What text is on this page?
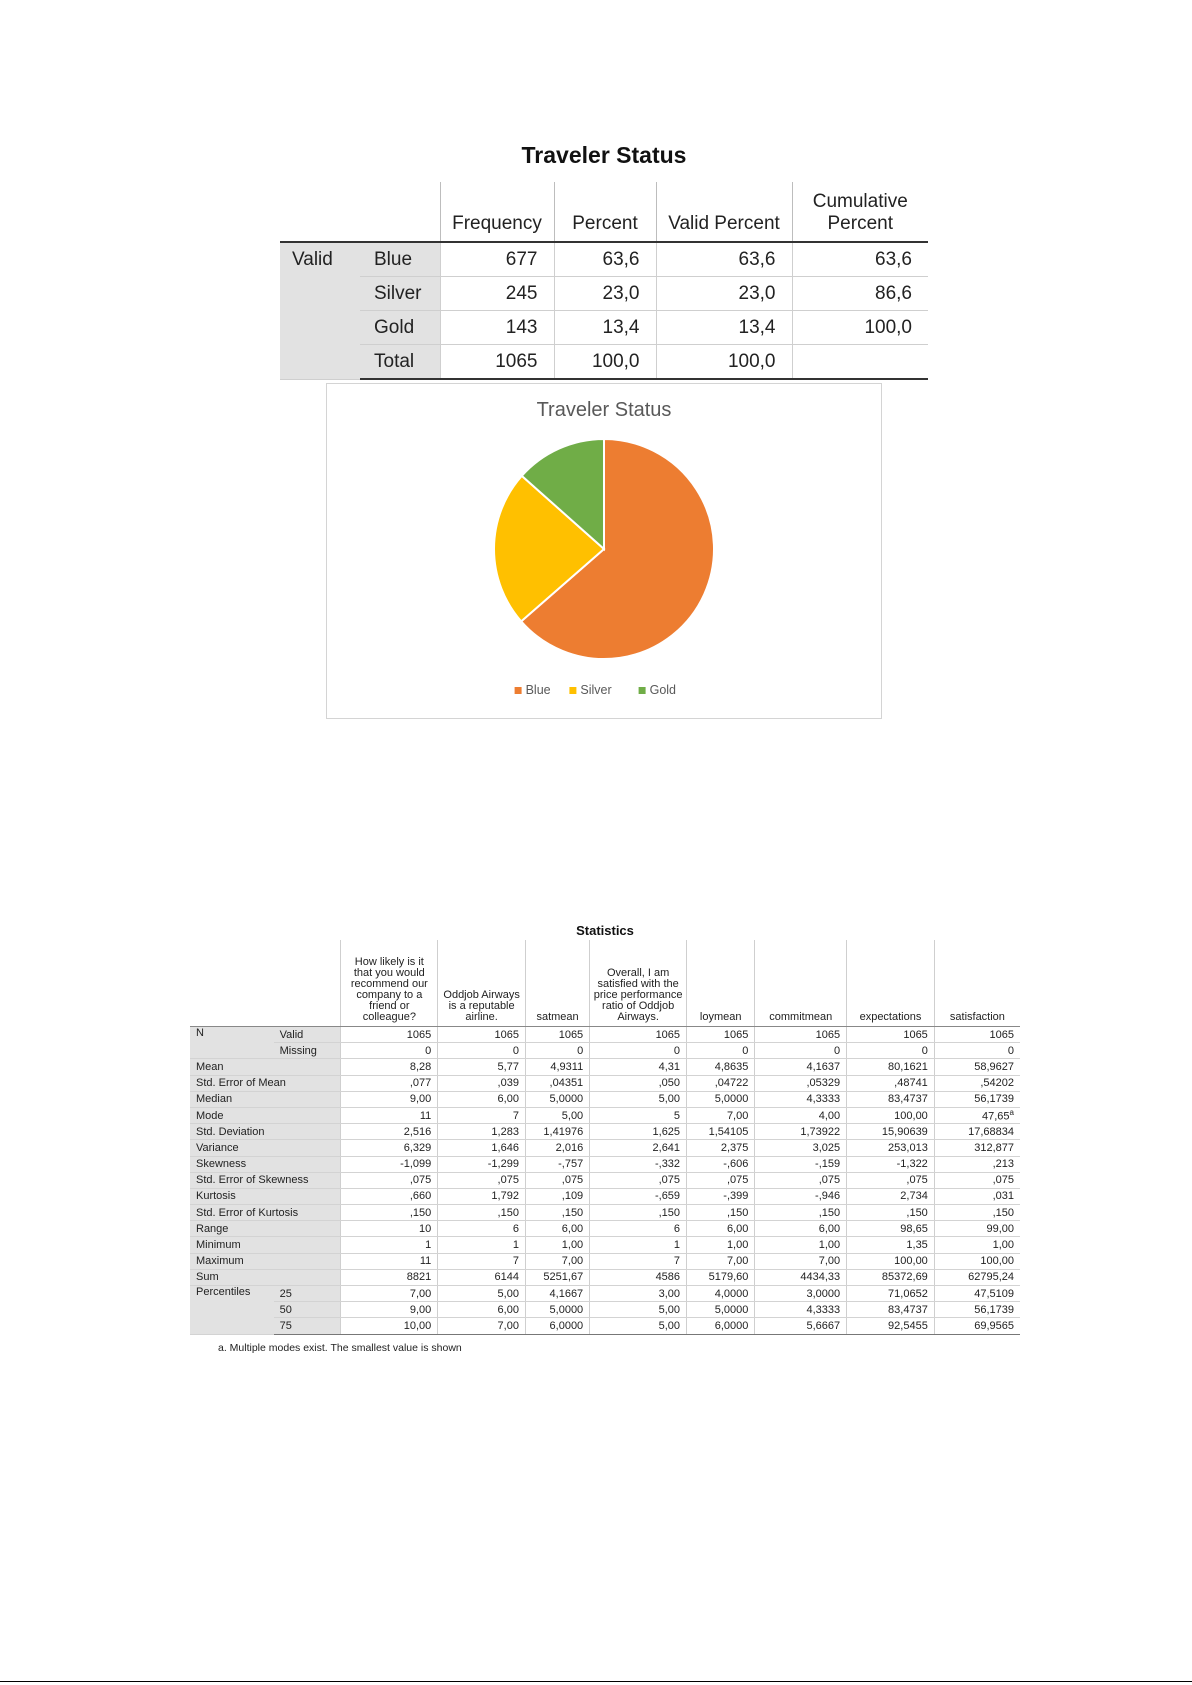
Traveler Status
		Frequency	Percent	Valid Percent	Cumulative Percent
Valid	Blue	677	63,6	63,6	63,6
	Silver	245	23,0	23,0	86,6
	Gold	143	13,4	13,4	100,0
	Total	1065	100,0	100,0	
Traveler Status
Blue Silver	Gold
Statistics
		How likely is it that you would recommend our company to a friend or colleague?	Oddjob Airways is a reputable airline.	satmean	Overall, I am satisfied with the price performance ratio of Oddjob Airways.	loymean	commitmean	expectations	satisfaction
N	Valid	1065	1065	1065	1065	1065	1065	1065	1065
	Missing	0	0	0	0	0	0	0	0
Mean		8,28	5,77	4,9311	4,31	4,8635	4,1637	80,1621	58,9627
Std. Error of Mean		,077	,039	,04351	,050	,04722	,05329	,48741	,54202
Median		9,00	6,00	5,0000	5,00	5,0000	4,3333	83,4737	56,1739
Mode		11	7	5,00	5	7,00	4,00	100,00	47,65$^a$
Std. Deviation		2,516	1,283	1,41976	1,625	1,54105	1,73922	15,90639	17,68834
Variance		6,329	1,646	2,016	2,641	2,375	3,025	253,013	312,877
Skewness		-1,099	-1,299	-,757	-,332	-,606	-,159	-1,322	,213
Std. Error of Skewness		,075	,075	,075	,075	,075	,075	,075	,075
Kurtosis		,660	1,792	,109	-,659	-,399	-,946	2,734	,031
Std. Error of Kurtosis		,150	,150	,150	,150	,150	,150	,150	,150
Range		10	6	6,00	6	6,00	6,00	98,65	99,00
Minimum		1	1	1,00	1	1,00	1,00	1,35	1,00
Maximum		11	7	7,00	7	7,00	7,00	100,00	100,00
Sum		8821	6144	5251,67	4586	5179,60	4434,33	85372,69	62795,24
Percentiles	25	7,00	5,00	4,1667	3,00	4,0000	3,0000	71,0652	47,5109
	50	9,00	6,00	5,0000	5,00	5,0000	4,3333	83,4737	56,1739
	75	10,00	7,00	6,0000	5,00	6,0000	5,6667	92,5455	69,9565
a. Multiple modes exist. The smallest value is shown
